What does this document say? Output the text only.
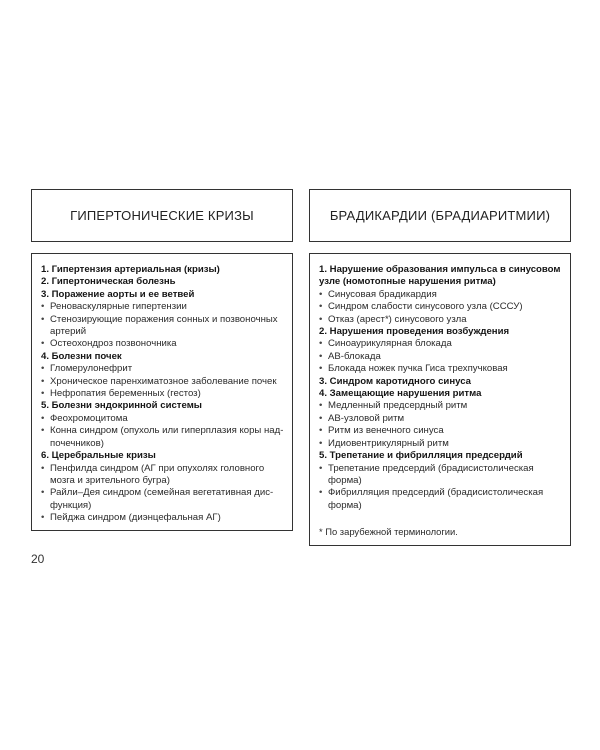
ГИПЕРТОНИЧЕСКИЕ КРИЗЫ	БРАДИКАРДИИ (БРАДИАРИТМИИ)
1. Гипертензия артериальная (кризы)
2. Гипертоническая болезнь
3. Поражение аорты и ее ветвей
• Реноваскулярные гипертензии
• Стенозирующие поражения сонных и позвоночных артерий
• Остеохондроз позвоночника
4. Болезни почек
• Гломерулонефрит
• Хроническое паренхиматозное заболевание почек
• Нефропатия беременных (гестоз)
5. Болезни эндокринной системы
• Феохромоцитома
• Конна синдром (опухоль или гиперплазия коры над-почечников)
6. Церебральные кризы
• Пенфилда синдром (АГ при опухолях головного мозга и зрительного бугра)
• Райли–Дея синдром (семейная вегетативная дис-функция)
• Пейджа синдром (диэнцефальная АГ)
1. Нарушение образования импульса в синусовом узле (номотопные нарушения ритма)
• Синусовая брадикардия
• Синдром слабости синусового узла (СССУ)
• Отказ (арест*) синусового узла
2. Нарушения проведения возбуждения
• Синоаурикулярная блокада
• АВ-блокада
• Блокада ножек пучка Гиса трехпучковая
3. Синдром каротидного синуса
4. Замещающие нарушения ритма
• Медленный предсердный ритм
• АВ-узловой ритм
• Ритм из венечного синуса
• Идиовентрикулярный ритм
5. Трепетание и фибрилляция предсердий
• Трепетание предсердий (брадисистолическая форма)
• Фибрилляция предсердий (брадисистолическая форма)
* По зарубежной терминологии.
20
